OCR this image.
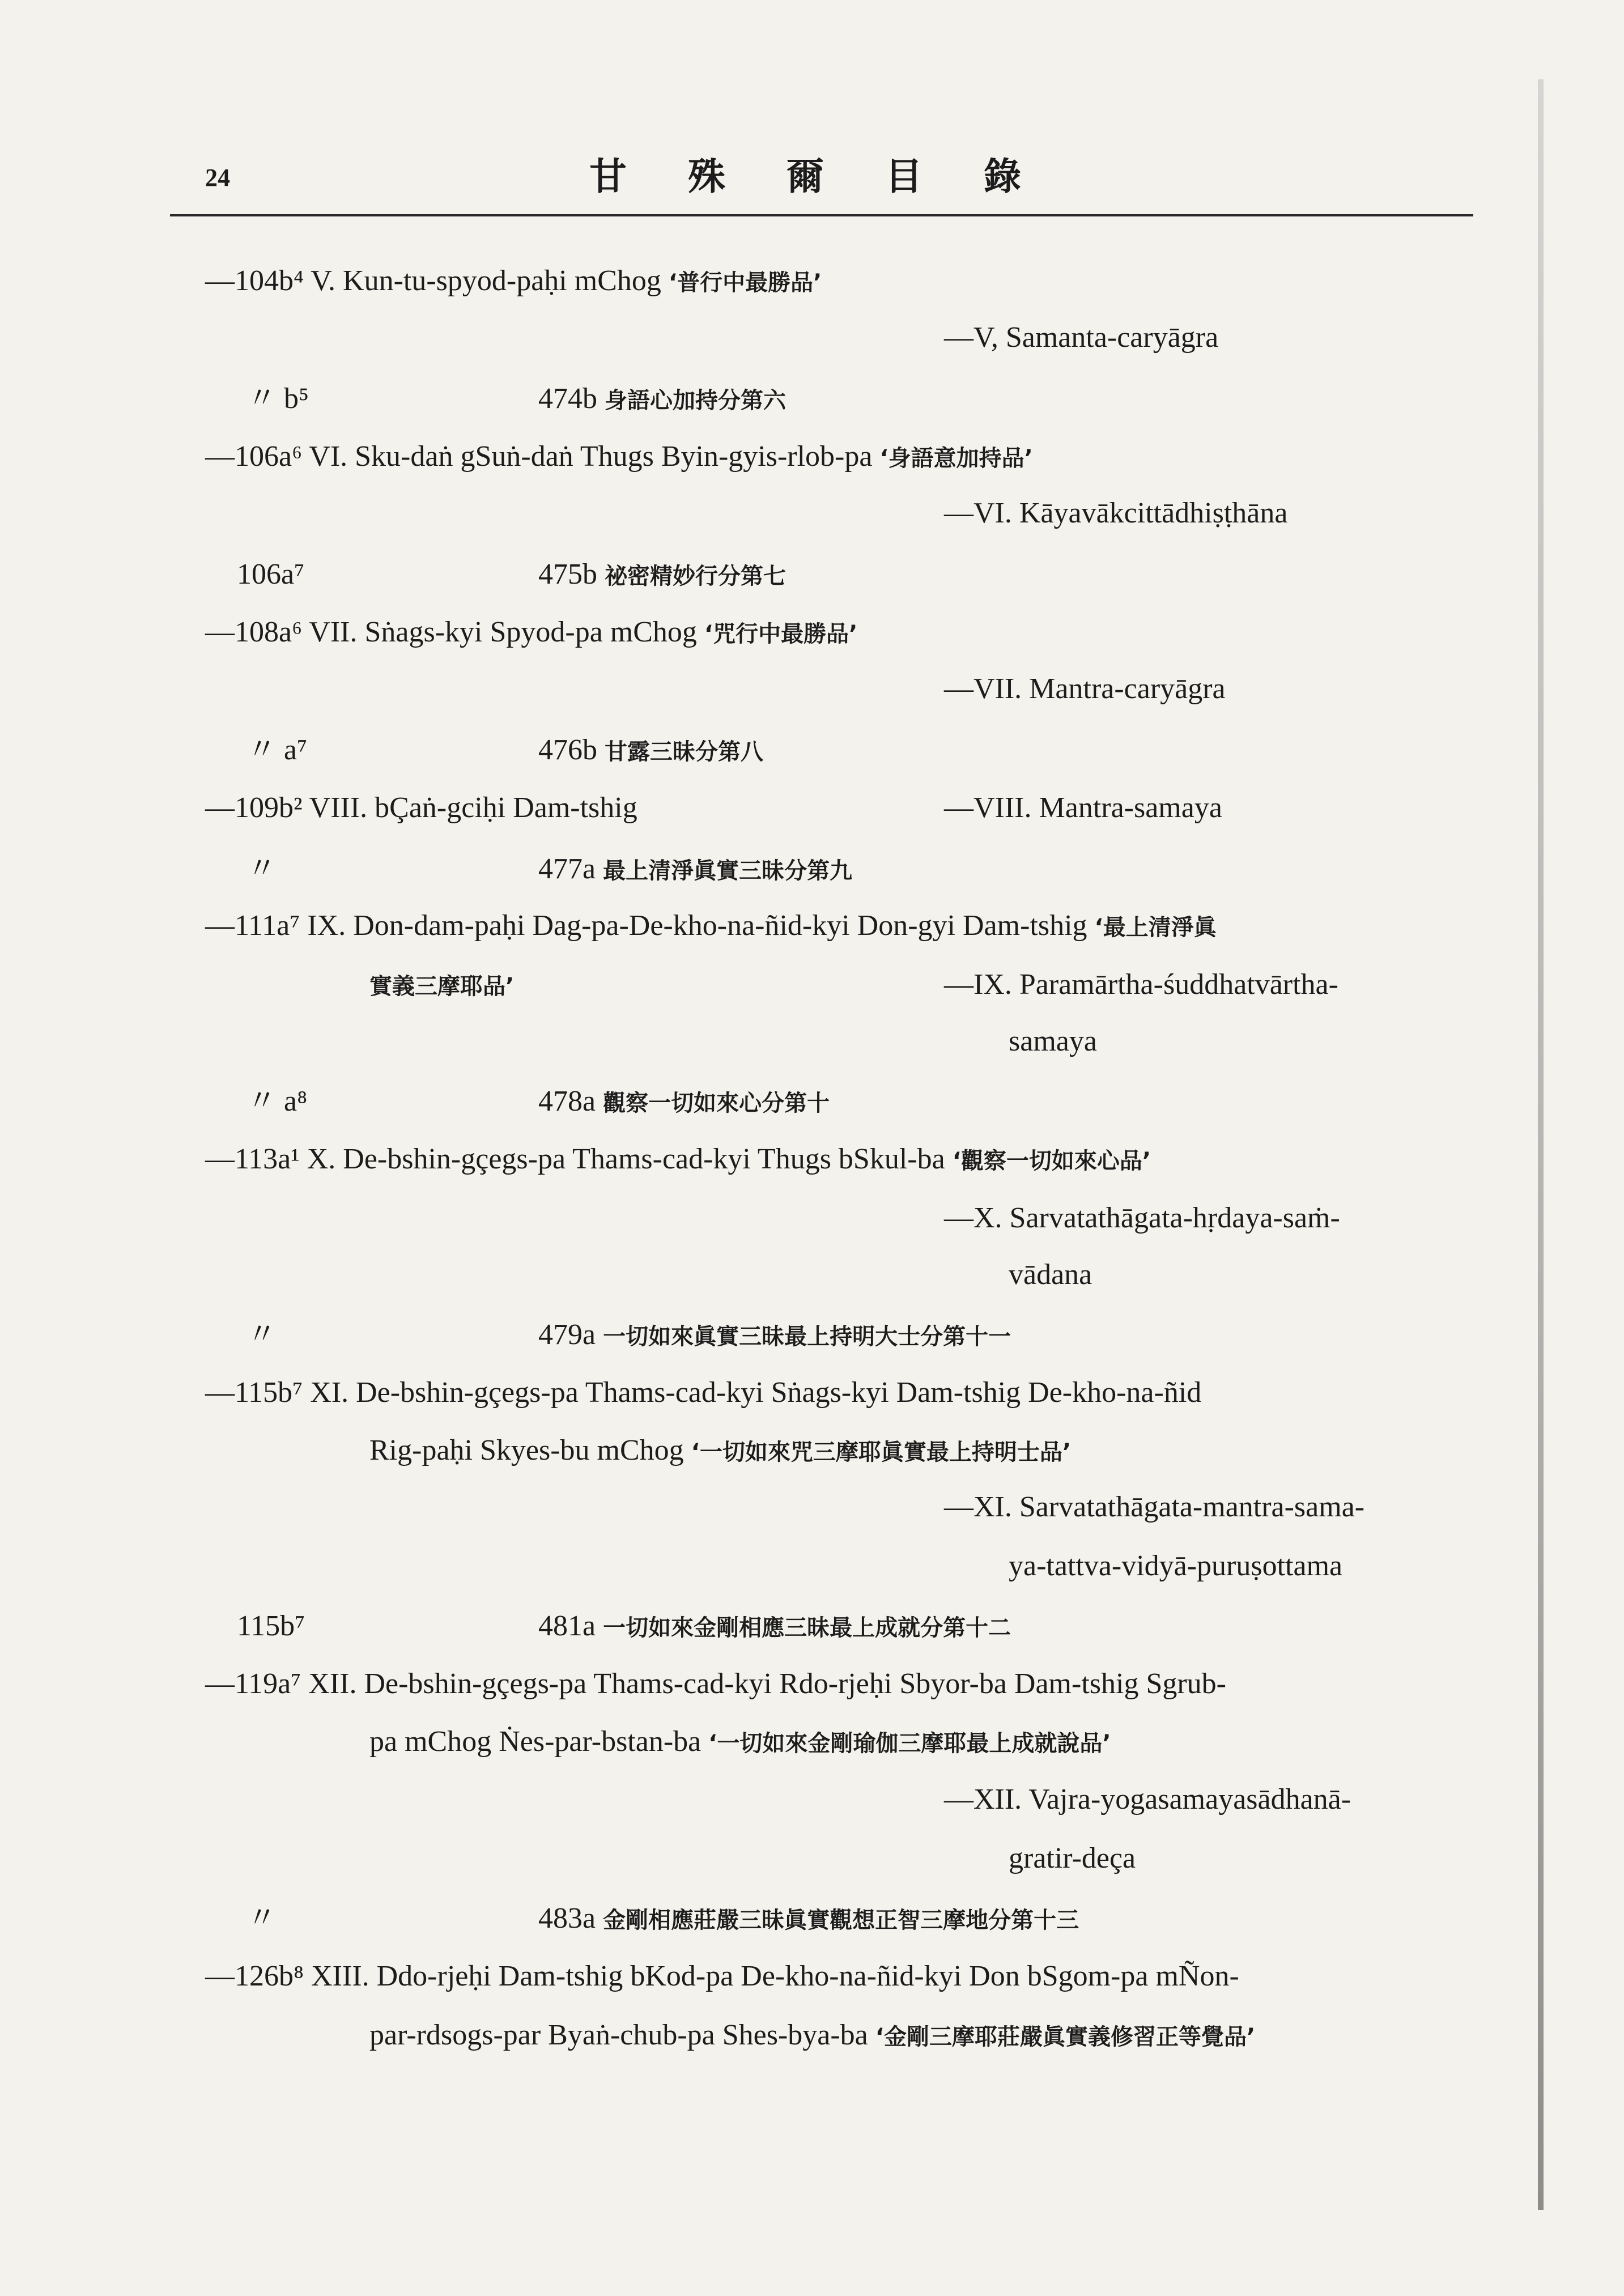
24	甘殊爾目錄
—104b⁴ V. Kun-tu-spyod-paḥi mChog ‘普行中最勝品’
—V, Samanta-caryāgra
〃 b⁵	474b 身語心加持分第六
—106a⁶ VI. Sku-daṅ gSuṅ-daṅ Thugs Byin-gyis-rlob-pa ‘身語意加持品’
—VI. Kāyavākcittādhiṣṭhāna
106a⁷	475b 祕密精妙行分第七
—108a⁶ VII. Sṅags-kyi Spyod-pa mChog ‘咒行中最勝品’
—VII. Mantra-caryāgra
〃 a⁷	476b 甘露三昧分第八
—109b² VIII. bÇaṅ-gciḥi Dam-tshig	—VIII. Mantra-samaya
〃	477a 最上清淨眞實三昧分第九
—111a⁷ IX. Don-dam-paḥi Dag-pa-De-kho-na-ñid-kyi Don-gyi Dam-tshig ‘最上清淨眞
實義三摩耶品’	—IX. Paramārtha-śuddhatvārtha-
samaya
〃 a⁸	478a 觀察一切如來心分第十
—113a¹ X. De-bshin-gçegs-pa Thams-cad-kyi Thugs bSkul-ba ‘觀察一切如來心品’
—X. Sarvatathāgata-hṛdaya-saṁ-
vādana
〃	479a 一切如來眞實三昧最上持明大士分第十一
—115b⁷ XI. De-bshin-gçegs-pa Thams-cad-kyi Sṅags-kyi Dam-tshig De-kho-na-ñid
Rig-paḥi Skyes-bu mChog ‘一切如來咒三摩耶眞實最上持明士品’
—XI. Sarvatathāgata-mantra-sama-
ya-tattva-vidyā-puruṣottama
115b⁷	481a 一切如來金剛相應三昧最上成就分第十二
—119a⁷ XII. De-bshin-gçegs-pa Thams-cad-kyi Rdo-rjeḥi Sbyor-ba Dam-tshig Sgrub-
pa mChog Ṅes-par-bstan-ba ‘一切如來金剛瑜伽三摩耶最上成就說品’
—XII. Vajra-yogasamayasādhanā-
gratir-deça
〃	483a 金剛相應莊嚴三昧眞實觀想正智三摩地分第十三
—126b⁸ XIII. Ddo-rjeḥi Dam-tshig bKod-pa De-kho-na-ñid-kyi Don bSgom-pa mÑon-
par-rdsogs-par Byaṅ-chub-pa Shes-bya-ba ‘金剛三摩耶莊嚴眞實義修習正等覺品’
